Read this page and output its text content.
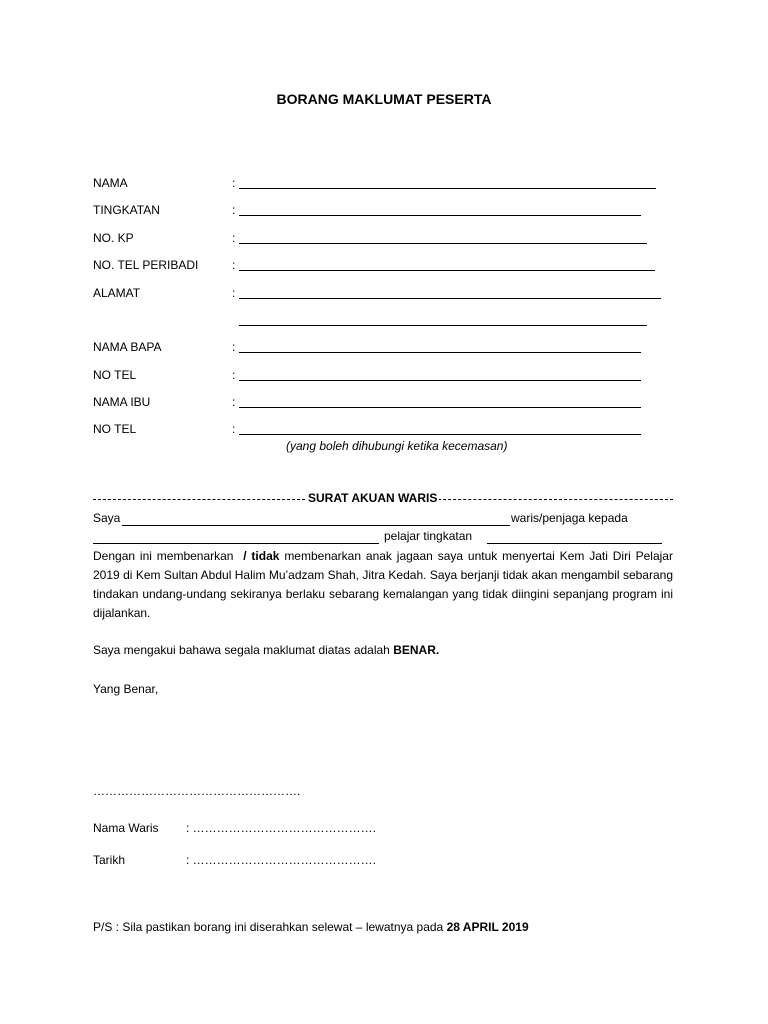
BORANG MAKLUMAT PESERTA
NAMA	:
TINGKATAN	:
NO. KP	:
NO. TEL PERIBADI	:
ALAMAT	:
NAMA BAPA	:
NO TEL	:
NAMA IBU	:
NO TEL	:
(yang boleh dihubungi ketika kecemasan)
SURAT AKUAN WARIS
Saya	waris/penjaga kepada
pelajar tingkatan
Dengan ini membenarkan / tidak membenarkan anak jagaan saya untuk menyertai Kem Jati Diri Pelajar 2019 di Kem Sultan Abdul Halim Mu’adzam Shah, Jitra Kedah. Saya berjanji tidak akan mengambil sebarang tindakan undang-undang sekiranya berlaku sebarang kemalangan yang tidak diingini sepanjang program ini dijalankan.
Saya mengakui bahawa segala maklumat diatas adalah BENAR.
Yang Benar,
…………………………………………….
Nama Waris : ……………………………………….
Tarikh	: ……………………………………….
P/S : Sila pastikan borang ini diserahkan selewat – lewatnya pada 28 APRIL 2019
